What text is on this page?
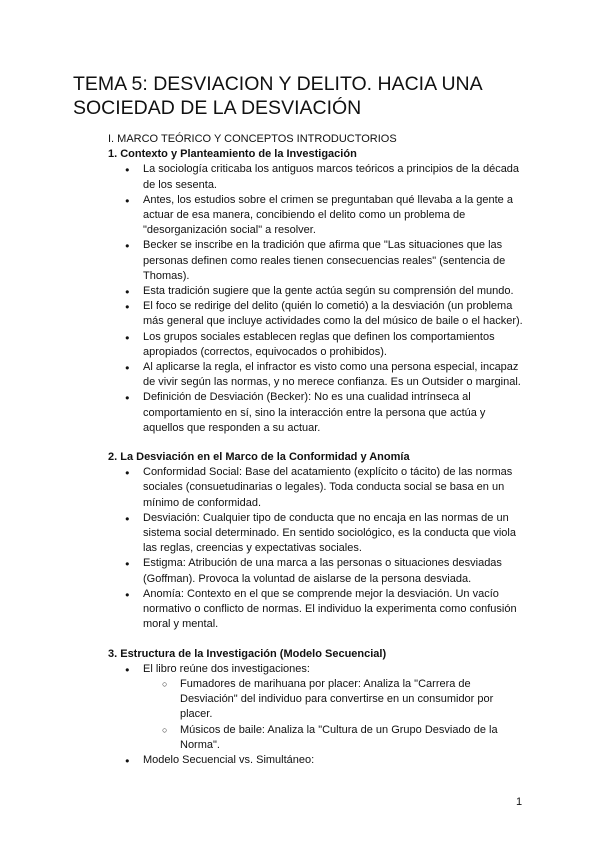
TEMA 5: DESVIACION Y DELITO. HACIA UNA SOCIEDAD DE LA DESVIACIÓN

I. MARCO TEÓRICO Y CONCEPTOS INTRODUCTORIOS

1. Contexto y Planteamiento de la Investigación

● La sociología criticaba los antiguos marcos teóricos a principios de la década de los sesenta.
● Antes, los estudios sobre el crimen se preguntaban qué llevaba a la gente a actuar de esa manera, concibiendo el delito como un problema de "desorganización social" a resolver.
● Becker se inscribe en la tradición que afirma que "Las situaciones que las personas definen como reales tienen consecuencias reales" (sentencia de Thomas).
● Esta tradición sugiere que la gente actúa según su comprensión del mundo.
● El foco se redirige del delito (quién lo cometió) a la desviación (un problema más general que incluye actividades como la del músico de baile o el hacker).
● Los grupos sociales establecen reglas que definen los comportamientos apropiados (correctos, equivocados o prohibidos).
● Al aplicarse la regla, el infractor es visto como una persona especial, incapaz de vivir según las normas, y no merece confianza. Es un Outsider o marginal.
● Definición de Desviación (Becker): No es una cualidad intrínseca al comportamiento en sí, sino la interacción entre la persona que actúa y aquellos que responden a su actuar.

2. La Desviación en el Marco de la Conformidad y Anomía

● Conformidad Social: Base del acatamiento (explícito o tácito) de las normas sociales (consuetudinarias o legales). Toda conducta social se basa en un mínimo de conformidad.
● Desviación: Cualquier tipo de conducta que no encaja en las normas de un sistema social determinado. En sentido sociológico, es la conducta que viola las reglas, creencias y expectativas sociales.
● Estigma: Atribución de una marca a las personas o situaciones desviadas (Goffman). Provoca la voluntad de aislarse de la persona desviada.
● Anomía: Contexto en el que se comprende mejor la desviación. Un vacío normativo o conflicto de normas. El individuo la experimenta como confusión moral y mental.

3. Estructura de la Investigación (Modelo Secuencial)

● El libro reúne dos investigaciones:
○ Fumadores de marihuana por placer: Analiza la "Carrera de Desviación" del individuo para convertirse en un consumidor por placer.
○ Músicos de baile: Analiza la "Cultura de un Grupo Desviado de la Norma".
● Modelo Secuencial vs. Simultáneo:
1
